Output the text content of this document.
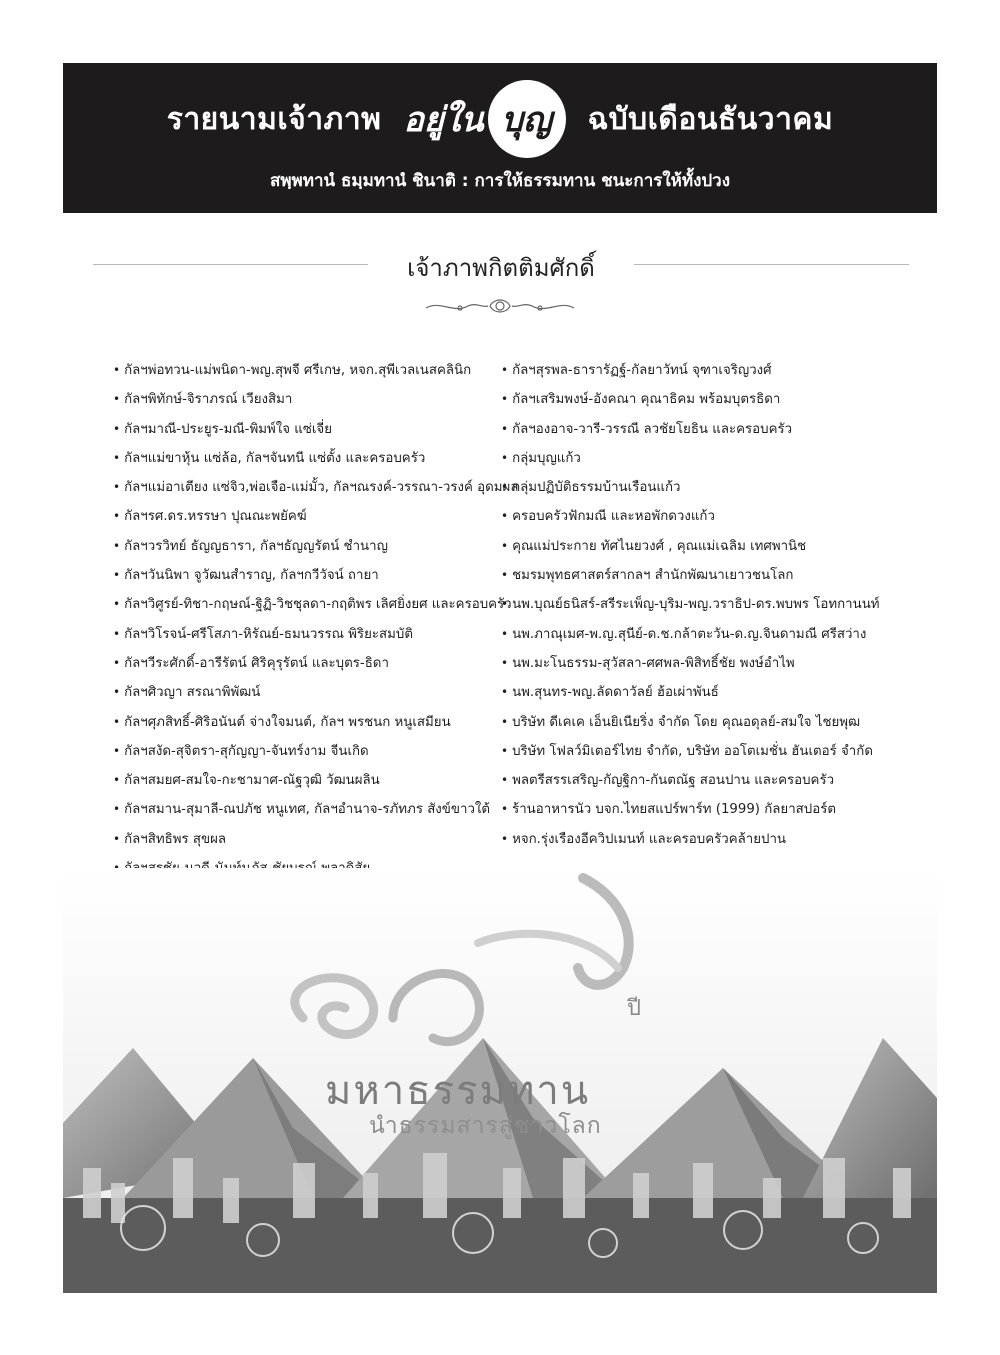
รายนามเจ้าภาพ อยู่ใน บุญ	ฉบับเดือนธันวาคม
สพฺพทานํ ธมฺมทานํ ชินาติ : การให้ธรรมทาน ชนะการให้ทั้งปวง
เจ้าภาพกิตติมศักดิ์
• กัลฯพ่อทวน-แม่พนิดา-พญ.สุพจี ศรีเกษ, หจก.สุพีเวลเนสคลินิก
• กัลฯพิทักษ์-จิราภรณ์ เวียงสิมา
• กัลฯมาณี-ประยูร-มณี-พิมพ์ใจ แซ่เจี่ย
• กัลฯแม่ขาหุ้น แซ่ล้อ, กัลฯจันทนี แซ่ตั้ง และครอบครัว
• กัลฯแม่อาเตียง แซ่จิว,พ่อเจือ-แม่มั้ว, กัลฯณรงค์-วรรณา-วรงค์ อุดมผล
• กัลฯรศ.ดร.หรรษา ปุณณะพยัคฆ์
• กัลฯวรวิทย์ ธัญญธารา, กัลฯธัญญรัตน์ ชำนาญ
• กัลฯวันนิพา จูวัฒนสำราญ, กัลฯกวีวัจน์ ถายา
• กัลฯวิศูรย์-ทิชา-กฤษณ์-ฐิฏิ-วิชชุลดา-กฤติพร เลิศยิ่งยศ และครอบครัว
• กัลฯวิโรจน์-ศรีโสภา-หิรัณย์-ธมนวรรณ พิริยะสมบัติ
• กัลฯวีระศักดิ์-อารีรัตน์ ศิริคุรุรัตน์ และบุตร-ธิดา
• กัลฯศิวญา สรณาพิพัฒน์
• กัลฯศุภสิทธิ์-ศิริอนันต์ จ่างใจมนต์, กัลฯ พรชนก หนูเสมียน
• กัลฯสงัด-สุจิตรา-สุกัญญา-จันทร์งาม จีนเกิด
• กัลฯสมยศ-สมใจ-กะชามาศ-ณัฐวุฒิ วัฒนผลิน
• กัลฯสมาน-สุมาลี-ณปภัช หนูเทศ, กัลฯอำนาจ-รภัทภร สังข์ขาวใต้
• กัลฯสิทธิพร สุขผล
•
• กัลฯสุรพล-ธารารัฏฐ์-กัลยาวัทน์ จุฑาเจริญวงศ์
• กัลฯเสริมพงษ์-อังคณา คุณาธิคม พร้อมบุตรธิดา
• กัลฯองอาจ-วารี-วรรณี ลวชัยโยธิน และครอบครัว
• กลุ่มบุญแก้ว
• กลุ่มปฏิบัติธรรมบ้านเรือนแก้ว
• ครอบครัวฟักมณี และหอพักดวงแก้ว
• คุณแม่ประกาย ทัศไนยวงศ์ , คุณแม่เฉลิม เทศพานิช
• ชมรมพุทธศาสตร์สากลฯ สำนักพัฒนาเยาวชนโลก
• นพ.บุณย์ธนิสร์-สรีระเพ็ญ-บุริม-พญ.วราธิป-ดร.พบพร โอทกานนท์
• นพ.ภาณุเมศ-พ.ญ.สุนีย์-ด.ช.กล้าตะวัน-ด.ญ.จินดามณี ศรีสว่าง
• นพ.มะโนธรรม-สุวัสลา-ศศพล-พิสิทธิ์ชัย พงษ์อำไพ
• นพ.สุนทร-พญ.ลัดดาวัลย์ ฮ้อเผ่าพันธ์
• บริษัท ดีเคเค เอ็นยิเนียริ่ง จำกัด โดย คุณอดุลย์-สมใจ ไชยพุฒ
• บริษัท โฟลว์มิเตอร์ไทย จำกัด, บริษัท ออโตเมชั่น ฮันเตอร์ จำกัด
• พลตรีสรรเสริญ-กัญฐิกา-กันตณัฐ สอนปาน และครอบครัว
• ร้านอาหารนัว บจก.ไทยสแปร์พาร์ท (1999) กัลยาสปอร์ต
• หจก.รุ่งเรืองอีควิปเมนท์ และครอบครัวคล้ายปาน
ปี
มหาธรรมทาน
นำธรรมสารสู่ชาวโลก
